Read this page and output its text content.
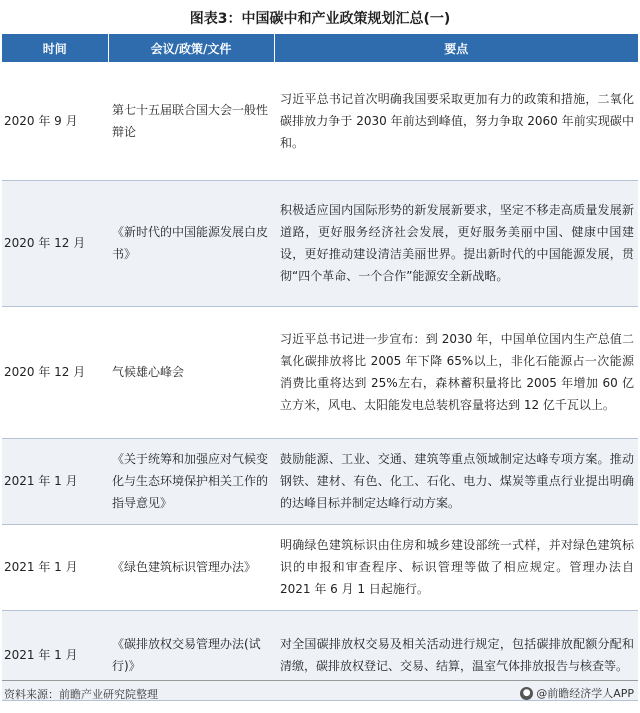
图表3：中国碳中和产业政策规划汇总(一)
时间	会议/政策/文件	要点
2020 年 9 月	第七十五届联合国大会一般性辩论	习近平总书记首次明确我国要采取更加有力的政策和措施，二氧化碳排放力争于 2030 年前达到峰值，努力争取 2060 年前实现碳中和。
2020 年 12 月	《新时代的中国能源发展白皮书》	积极适应国内国际形势的新发展新要求，坚定不移走高质量发展新道路，更好服务经济社会发展，更好服务美丽中国、健康中国建设，更好推动建设清洁美丽世界。提出新时代的中国能源发展，贯彻“四个革命、一个合作”能源安全新战略。
2020 年 12 月	气候雄心峰会	习近平总书记进一步宣布：到 2030 年，中国单位国内生产总值二氧化碳排放将比 2005 年下降 65%以上，非化石能源占一次能源消费比重将达到 25%左右，森林蓄积量将比 2005 年增加 60 亿立方米，风电、太阳能发电总装机容量将达到 12 亿千瓦以上。
2021 年 1 月	《关于统筹和加强应对气候变化与生态环境保护相关工作的指导意见》	鼓励能源、工业、交通、建筑等重点领域制定达峰专项方案。推动钢铁、建材、有色、化工、石化、电力、煤炭等重点行业提出明确的达峰目标并制定达峰行动方案。
2021 年 1 月	《绿色建筑标识管理办法》	明确绿色建筑标识由住房和城乡建设部统一式样，并对绿色建筑标识的申报和审查程序、标识管理等做了相应规定。管理办法自 2021 年 6 月 1 日起施行。
2021 年 1 月	《碳排放权交易管理办法(试行)》	对全国碳排放权交易及相关活动进行规定，包括碳排放配额分配和清缴，碳排放权登记、交易、结算，温室气体排放报告与核查等。
资料来源：前瞻产业研究院整理	● @前瞻经济学人APP
